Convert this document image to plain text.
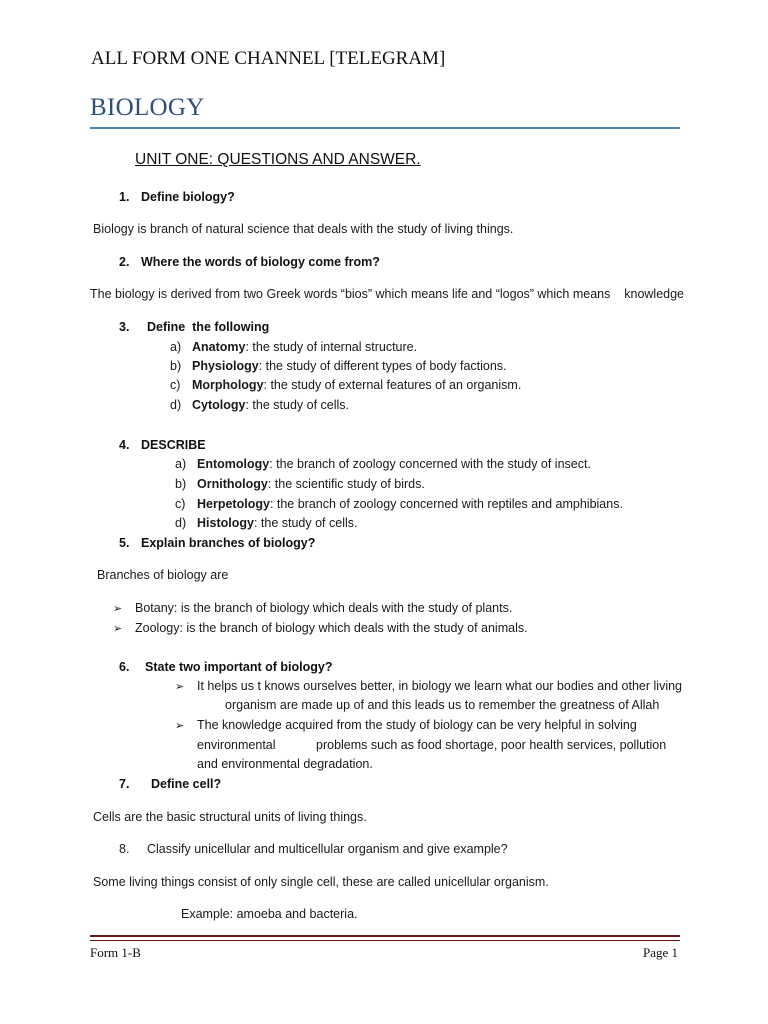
ALL FORM ONE CHANNEL [TELEGRAM]
BIOLOGY
UNIT ONE: QUESTIONS AND ANSWER.
1. Define biology?
Biology is branch of natural science that deals with the study of living things.
2. Where the words of biology come from?
The biology is derived from two Greek words “bios” which means life and “logos” which means    knowledge
3. Define  the following
a) Anatomy: the study of internal structure.
b) Physiology: the study of different types of body factions.
c) Morphology: the study of external features of an organism.
d) Cytology: the study of cells.
4. DESCRIBE
a) Entomology: the branch of zoology concerned with the study of insect.
b) Ornithology: the scientific study of birds.
c) Herpetology: the branch of zoology concerned with reptiles and amphibians.
d) Histology: the study of cells.
5. Explain branches of biology?
Branches of biology are
➢ Botany: is the branch of biology which deals with the study of plants.
➢ Zoology: is the branch of biology which deals with the study of animals.
6. State two important of biology?
➢ It helps us t knows ourselves better, in biology we learn what our bodies and other living
organism are made up of and this leads us to remember the greatness of Allah
➢ The knowledge acquired from the study of biology can be very helpful in solving
environmental	problems such as food shortage, poor health services, pollution
and environmental degradation.
7. Define cell?
Cells are the basic structural units of living things.
8. Classify unicellular and multicellular organism and give example?
Some living things consist of only single cell, these are called unicellular organism.
Example: amoeba and bacteria.
Form 1-B	Page 1
